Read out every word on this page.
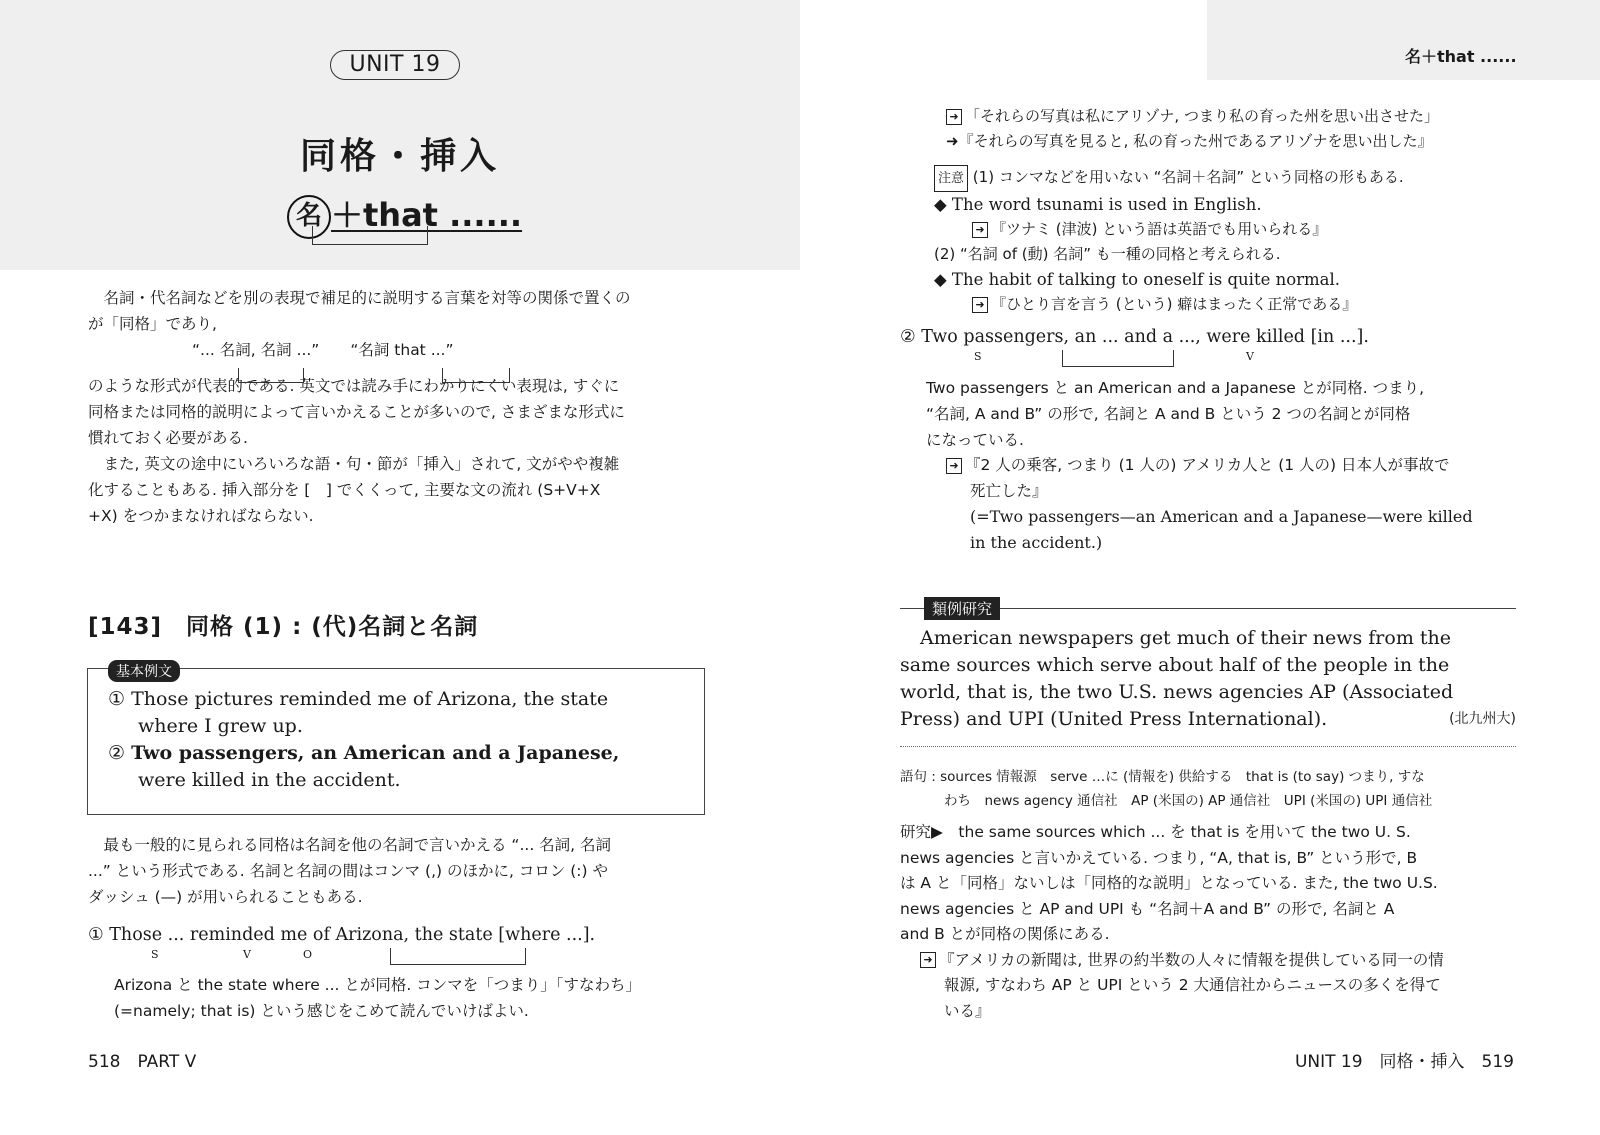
UNIT 19
同格・挿入
名 ＋that ......
名詞・代名詞などを別の表現で補足的に説明する言葉を対等の関係で置くの
が「同格」であり,
“... 名詞, 名詞 ...”　　“名詞 that ...”
のような形式が代表的である. 英文では読み手にわかりにくい表現は, すぐに
同格または同格的説明によって言いかえることが多いので, さまざまな形式に
慣れておく必要がある.
また, 英文の途中にいろいろな語・句・節が「挿入」されて, 文がやや複雑
化することもある. 挿入部分を [　] でくくって, 主要な文の流れ (S+V+X
+X) をつかまなければならない.
[143]　同格 (1) : (代)名詞と名詞
基本例文
① Those pictures reminded me of Arizona, the state
where I grew up.
② Two passengers, an American and a Japanese,
were killed in the accident.
最も一般的に見られる同格は名詞を他の名詞で言いかえる “... 名詞, 名詞
...” という形式である. 名詞と名詞の間はコンマ (,) のほかに, コロン (:) や
ダッシュ (—) が用いられることもある.
① Those ... reminded me of Arizona, the state [where ...].
S	V	O
Arizona と the state where ... とが同格. コンマを「つまり」「すなわち」
(=namely; that is) という感じをこめて読んでいけばよい.
518　PART V
名＋that ......
➜ 「それらの写真は私にアリゾナ, つまり私の育った州を思い出させた」
➜『それらの写真を見ると, 私の育った州であるアリゾナを思い出した』
注意 (1) コンマなどを用いない “名詞＋名詞” という同格の形もある.
◆ The word tsunami is used in English.
➜ 『ツナミ (津波) という語は英語でも用いられる』
(2) “名詞 of (動) 名詞” も一種の同格と考えられる.
◆ The habit of talking to oneself is quite normal.
➜ 『ひとり言を言う (という) 癖はまったく正常である』
② Two passengers, an ... and a ..., were killed [in ...].
S	V
Two passengers と an American and a Japanese とが同格. つまり,
“名詞, A and B” の形で, 名詞と A and B という 2 つの名詞とが同格
になっている.
➜ 『2 人の乗客, つまり (1 人の) アメリカ人と (1 人の) 日本人が事故で
死亡した』
(=Two passengers—an American and a Japanese—were killed
in the accident.)
類例研究
American newspapers get much of their news from the
same sources which serve about half of the people in the
world, that is, the two U.S. news agencies AP (Associated
Press) and UPI (United Press International).	(北九州大)
語句 : sources 情報源　serve …に (情報を) 供給する　that is (to say) つまり, すな
わち　news agency 通信社　AP (米国の) AP 通信社　UPI (米国の) UPI 通信社
研究▶　the same sources which ... を that is を用いて the two U. S.
news agencies と言いかえている. つまり, “A, that is, B” という形で, B
は A と「同格」ないしは「同格的な説明」となっている. また, the two U.S.
news agencies と AP and UPI も “名詞＋A and B” の形で, 名詞と A
and B とが同格の関係にある.
➜ 『アメリカの新聞は, 世界の約半数の人々に情報を提供している同一の情
報源, すなわち AP と UPI という 2 大通信社からニュースの多くを得て
いる』
UNIT 19　同格・挿入　519
